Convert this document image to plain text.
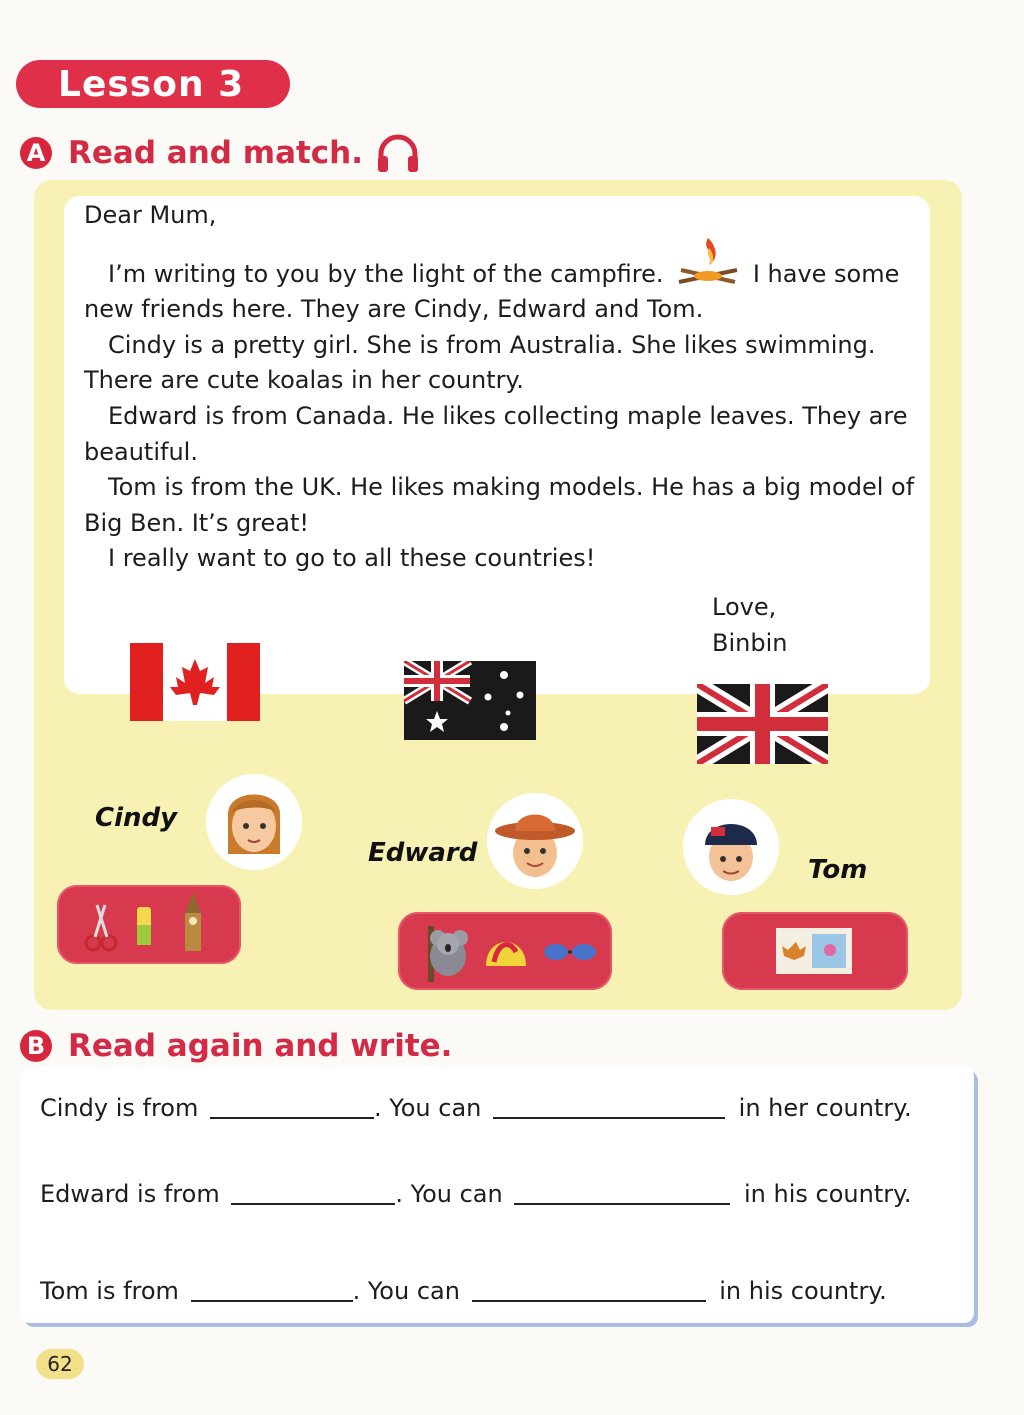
Lesson 3
A Read and match.

Dear Mum,

I’m writing to you by the light of the campfire.	I have some new friends here. They are Cindy, Edward and Tom.

Cindy is a pretty girl. She is from Australia. She likes swimming. There are cute koalas in her country.

Edward is from Canada. He likes collecting maple leaves. They are beautiful.

Tom is from the UK. He likes making models. He has a big model of Big Ben. It’s great!

I really want to go to all these countries!

Love,
Binbin
Cindy
Edward
Tom
B Read again and write.
Cindy is from	. You can	in her country.
Edward is from	. You can	in his country.
Tom is from	. You can	in his country.
62
